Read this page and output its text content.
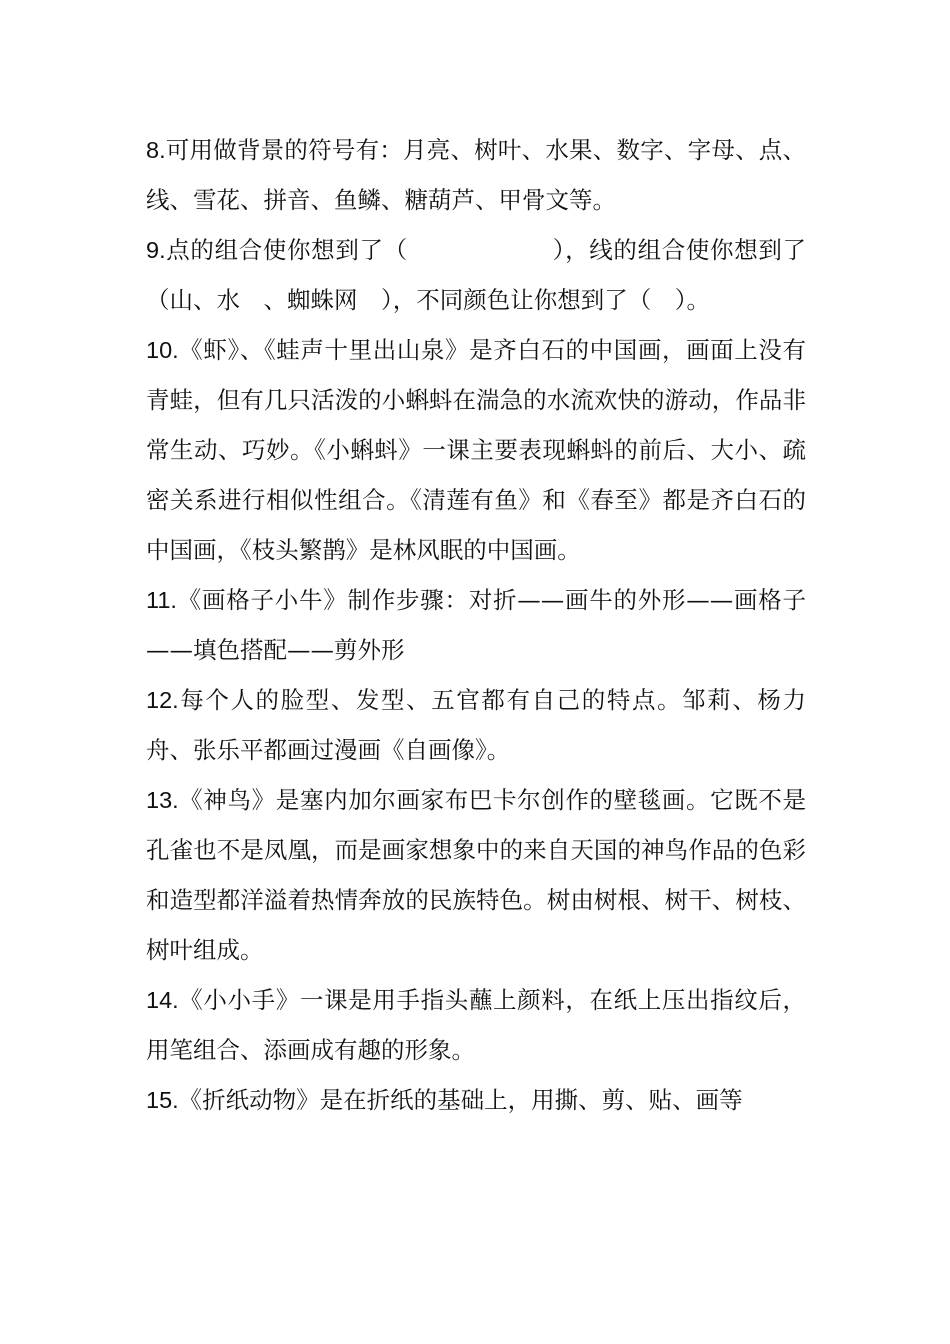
8.可用做背景的符号有：月亮、树叶、水果、数字、字母、点、线、雪花、拼音、鱼鳞、糖葫芦、甲骨文等。

9.点的组合使你想到了（　　　　　　），线的组合使你想到了（山、水　、蜘蛛网　），不同颜色让你想到了（　）。

10.《虾》、《蛙声十里出山泉》是齐白石的中国画，画面上没有青蛙，但有几只活泼的小蝌蚪在湍急的水流欢快的游动，作品非常生动、巧妙。《小蝌蚪》一课主要表现蝌蚪的前后、大小、疏密关系进行相似性组合。《清莲有鱼》和《春至》都是齐白石的中国画，《枝头繁鹊》是林风眠的中国画。

11.《画格子小牛》制作步骤：对折——画牛的外形——画格子——填色搭配——剪外形

12.每个人的脸型、发型、五官都有自己的特点。邹莉、杨力舟、张乐平都画过漫画《自画像》。

13.《神鸟》是塞内加尔画家布巴卡尔创作的壁毯画。它既不是孔雀也不是凤凰，而是画家想象中的来自天国的神鸟作品的色彩和造型都洋溢着热情奔放的民族特色。树由树根、树干、树枝、树叶组成。

14.《小小手》一课是用手指头蘸上颜料，在纸上压出指纹后，用笔组合、添画成有趣的形象。

15.《折纸动物》是在折纸的基础上，用撕、剪、贴、画等
